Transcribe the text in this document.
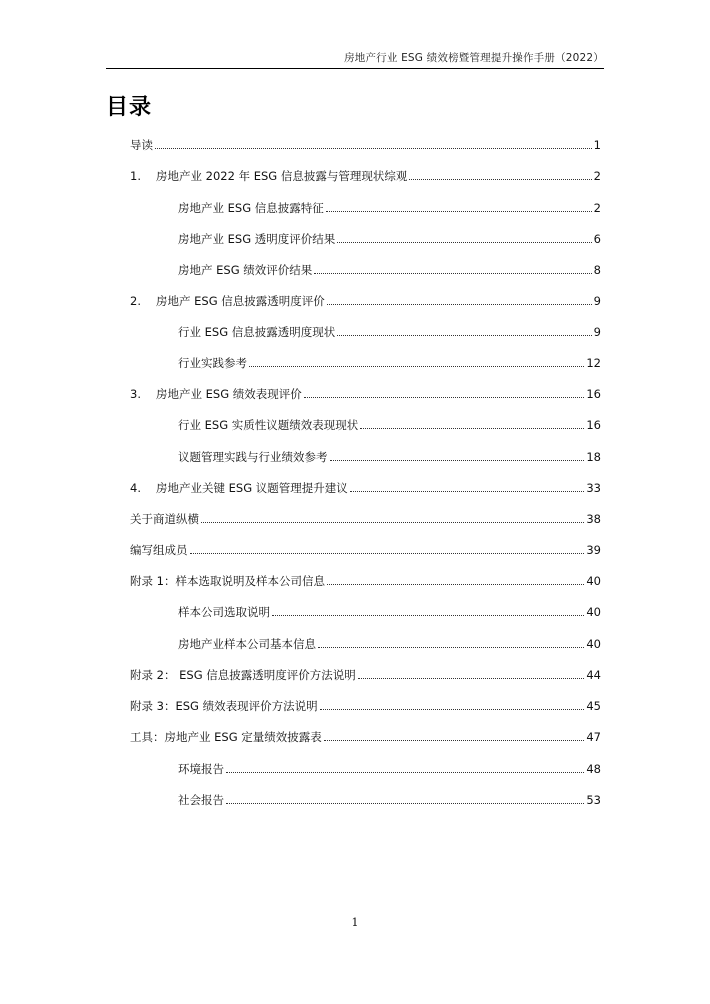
房地产行业 ESG 绩效榜暨管理提升操作手册（2022）
目录
导读	1
1.	房地产业 2022 年 ESG 信息披露与管理现状综观	2
房地产业 ESG 信息披露特征	2
房地产业 ESG 透明度评价结果	6
房地产 ESG 绩效评价结果	8
2.	房地产 ESG 信息披露透明度评价	9
行业 ESG 信息披露透明度现状	9
行业实践参考	12
3.	房地产业 ESG 绩效表现评价	16
行业 ESG 实质性议题绩效表现现状	16
议题管理实践与行业绩效参考	18
4.	房地产业关键 ESG 议题管理提升建议	33
关于商道纵横	38
编写组成员	39
附录 1：样本选取说明及样本公司信息	40
样本公司选取说明	40
房地产业样本公司基本信息	40
附录 2： ESG 信息披露透明度评价方法说明	44
附录 3：ESG 绩效表现评价方法说明	45
工具：房地产业 ESG 定量绩效披露表	47
环境报告	48
社会报告	53
1
